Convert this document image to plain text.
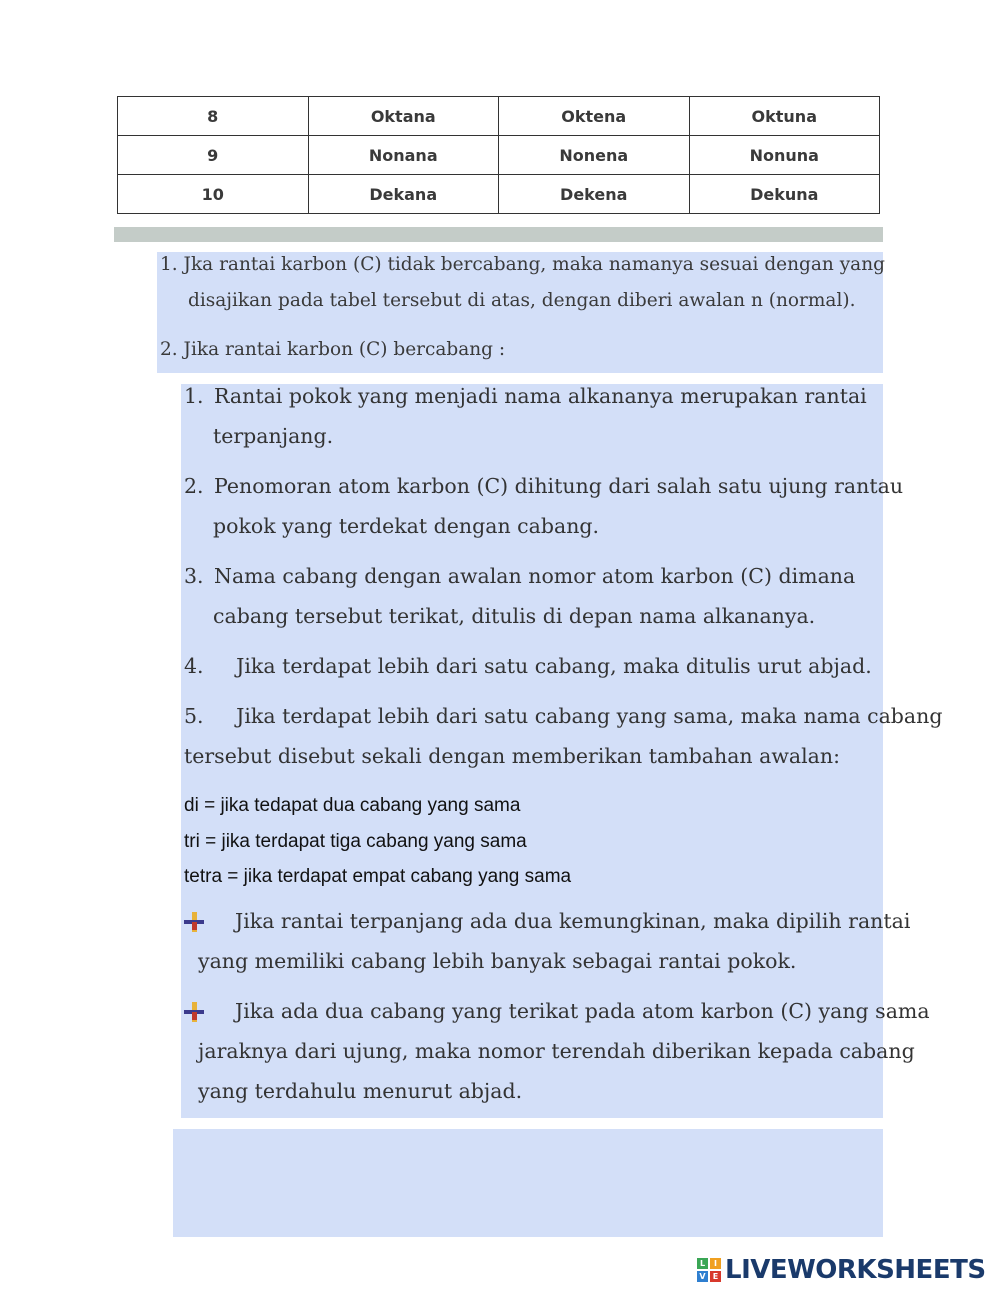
8	Oktana	Oktena	Oktuna
9	Nonana	Nonena	Nonuna
10	Dekana	Dekena	Dekuna
1. Jka rantai karbon (C) tidak bercabang, maka namanya sesuai dengan yang
disajikan pada tabel tersebut di atas, dengan diberi awalan n (normal).
2. Jika rantai karbon (C) bercabang :
1. Rantai pokok yang menjadi nama alkananya merupakan rantai
terpanjang.
2. Penomoran atom karbon (C) dihitung dari salah satu ujung rantau
pokok yang terdekat dengan cabang.
3. Nama cabang dengan awalan nomor atom karbon (C) dimana
cabang tersebut terikat, ditulis di depan nama alkananya.
4.     Jika terdapat lebih dari satu cabang, maka ditulis urut abjad.
5.     Jika terdapat lebih dari satu cabang yang sama, maka nama cabang
tersebut disebut sekali dengan memberikan tambahan awalan:
di = jika tedapat dua cabang yang sama
tri = jika terdapat tiga cabang yang sama
tetra = jika terdapat empat cabang yang sama
Jika rantai terpanjang ada dua kemungkinan, maka dipilih rantai
yang memiliki cabang lebih banyak sebagai rantai pokok.
Jika ada dua cabang yang terikat pada atom karbon (C) yang sama
jaraknya dari ujung, maka nomor terendah diberikan kepada cabang
yang terdahulu menurut abjad.
L	I
V E LIVEWORKSHEETS
